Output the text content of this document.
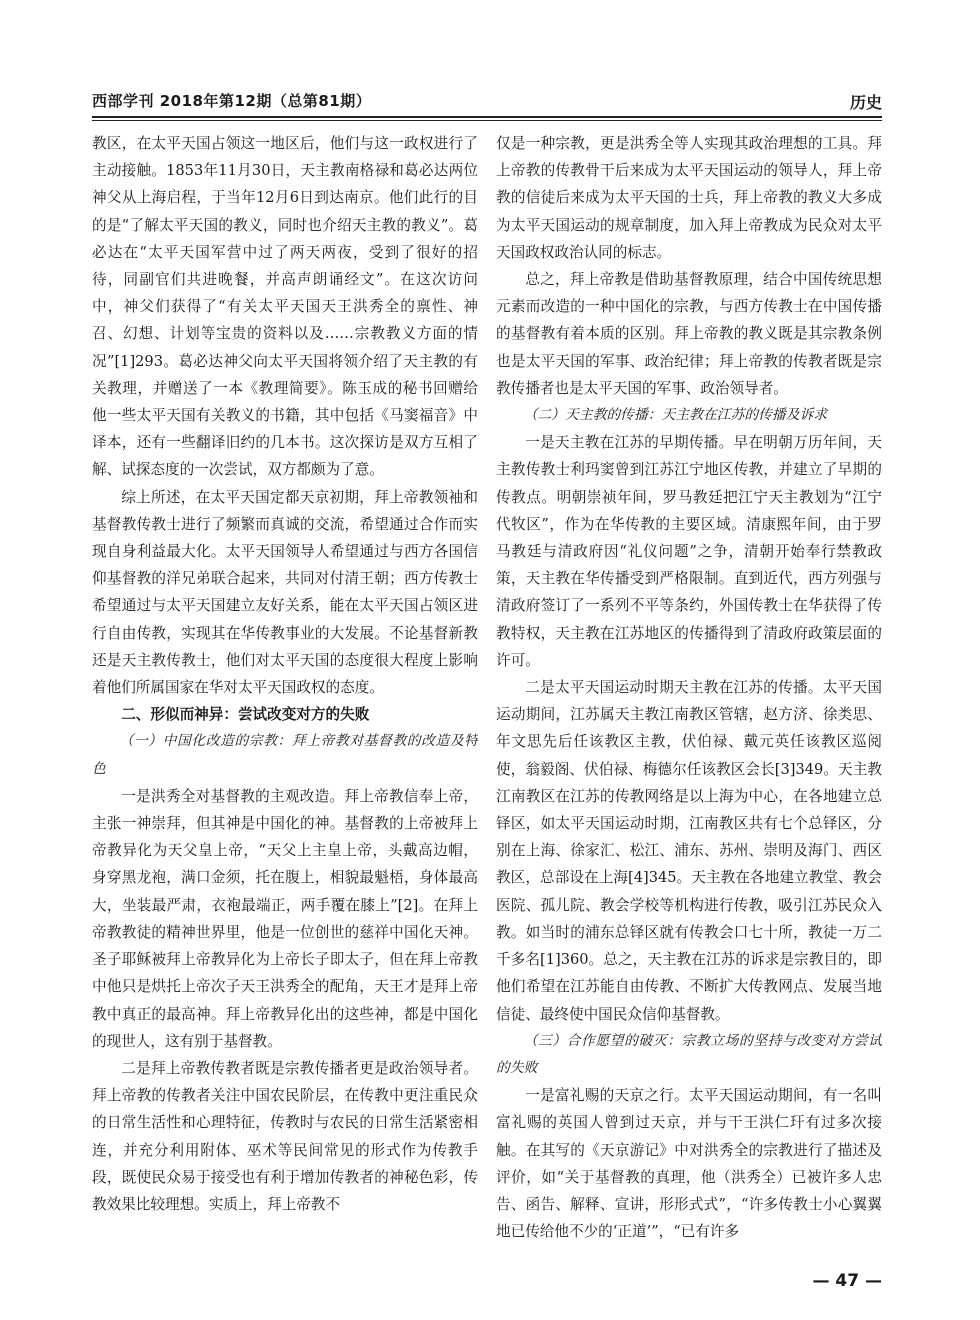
西部学刊 2018年第12期（总第81期）	历史

教区，在太平天国占领这一地区后，他们与这一政权进行了主动接触。1853年11月30日，天主教南格禄和葛必达两位神父从上海启程，于当年12月6日到达南京。他们此行的目的是“了解太平天国的教义，同时也介绍天主教的教义”。葛必达在“太平天国军营中过了两天两夜，受到了很好的招待，同副官们共进晚餐，并高声朗诵经文”。在这次访问中，神父们获得了“有关太平天国天王洪秀全的禀性、神召、幻想、计划等宝贵的资料以及……宗教教义方面的情况”[1]293。葛必达神父向太平天国将领介绍了天主教的有关教理，并赠送了一本《教理简要》。陈玉成的秘书回赠给他一些太平天国有关教义的书籍，其中包括《马窦福音》中译本，还有一些翻译旧约的几本书。这次探访是双方互相了解、试探态度的一次尝试，双方都颇为了意。

综上所述，在太平天国定都天京初期，拜上帝教领袖和基督教传教士进行了频繁而真诚的交流，希望通过合作而实现自身利益最大化。太平天国领导人希望通过与西方各国信仰基督教的洋兄弟联合起来，共同对付清王朝；西方传教士希望通过与太平天国建立友好关系，能在太平天国占领区进行自由传教，实现其在华传教事业的大发展。不论基督新教还是天主教传教士，他们对太平天国的态度很大程度上影响着他们所属国家在华对太平天国政权的态度。

二、形似而神异：尝试改变对方的失败

（一）中国化改造的宗教：拜上帝教对基督教的改造及特色

一是洪秀全对基督教的主观改造。拜上帝教信奉上帝，主张一神崇拜，但其神是中国化的神。基督教的上帝被拜上帝教异化为天父皇上帝，“天父上主皇上帝，头戴高边帽，身穿黑龙袍，满口金须，托在腹上，相貌最魁梧，身体最高大，坐装最严肃，衣袍最端正，两手覆在膝上”[2]。在拜上帝教教徒的精神世界里，他是一位创世的慈祥中国化天神。圣子耶稣被拜上帝教异化为上帝长子即太子，但在拜上帝教中他只是烘托上帝次子天王洪秀全的配角，天王才是拜上帝教中真正的最高神。拜上帝教异化出的这些神，都是中国化的现世人，这有别于基督教。

二是拜上帝教传教者既是宗教传播者更是政治领导者。拜上帝教的传教者关注中国农民阶层，在传教中更注重民众的日常生活性和心理特征，传教时与农民的日常生活紧密相连，并充分利用附体、巫术等民间常见的形式作为传教手段，既使民众易于接受也有利于增加传教者的神秘色彩，传教效果比较理想。实质上，拜上帝教不

仅是一种宗教，更是洪秀全等人实现其政治理想的工具。拜上帝教的传教骨干后来成为太平天国运动的领导人，拜上帝教的信徒后来成为太平天国的士兵，拜上帝教的教义大多成为太平天国运动的规章制度，加入拜上帝教成为民众对太平天国政权政治认同的标志。

总之，拜上帝教是借助基督教原理，结合中国传统思想元素而改造的一种中国化的宗教，与西方传教士在中国传播的基督教有着本质的区别。拜上帝教的教义既是其宗教条例也是太平天国的军事、政治纪律；拜上帝教的传教者既是宗教传播者也是太平天国的军事、政治领导者。

（二）天主教的传播：天主教在江苏的传播及诉求

一是天主教在江苏的早期传播。早在明朝万历年间，天主教传教士利玛窦曾到江苏江宁地区传教，并建立了早期的传教点。明朝崇祯年间，罗马教廷把江宁天主教划为“江宁代牧区”，作为在华传教的主要区域。清康熙年间，由于罗马教廷与清政府因“礼仪问题”之争，清朝开始奉行禁教政策，天主教在华传播受到严格限制。直到近代，西方列强与清政府签订了一系列不平等条约，外国传教士在华获得了传教特权，天主教在江苏地区的传播得到了清政府政策层面的许可。

二是太平天国运动时期天主教在江苏的传播。太平天国运动期间，江苏属天主教江南教区管辖，赵方济、徐类思、年文思先后任该教区主教，伏伯禄、戴元英任该教区巡阅使，翁毅阁、伏伯禄、梅德尔任该教区会长[3]349。天主教江南教区在江苏的传教网络是以上海为中心，在各地建立总铎区，如太平天国运动时期，江南教区共有七个总铎区，分别在上海、徐家汇、松江、浦东、苏州、崇明及海门、西区教区，总部设在上海[4]345。天主教在各地建立教堂、教会医院、孤儿院、教会学校等机构进行传教，吸引江苏民众入教。如当时的浦东总铎区就有传教会口七十所，教徒一万二千多名[1]360。总之，天主教在江苏的诉求是宗教目的，即他们希望在江苏能自由传教、不断扩大传教网点、发展当地信徒、最终使中国民众信仰基督教。

（三）合作愿望的破灭：宗教立场的坚持与改变对方尝试的失败

一是富礼赐的天京之行。太平天国运动期间，有一名叫富礼赐的英国人曾到过天京，并与干王洪仁玕有过多次接触。在其写的《天京游记》中对洪秀全的宗教进行了描述及评价，如“关于基督教的真理，他（洪秀全）已被许多人忠告、函告、解释、宣讲，形形式式”，“许多传教士小心翼翼地已传给他不少的‘正道’”，“已有许多

— 47 —
